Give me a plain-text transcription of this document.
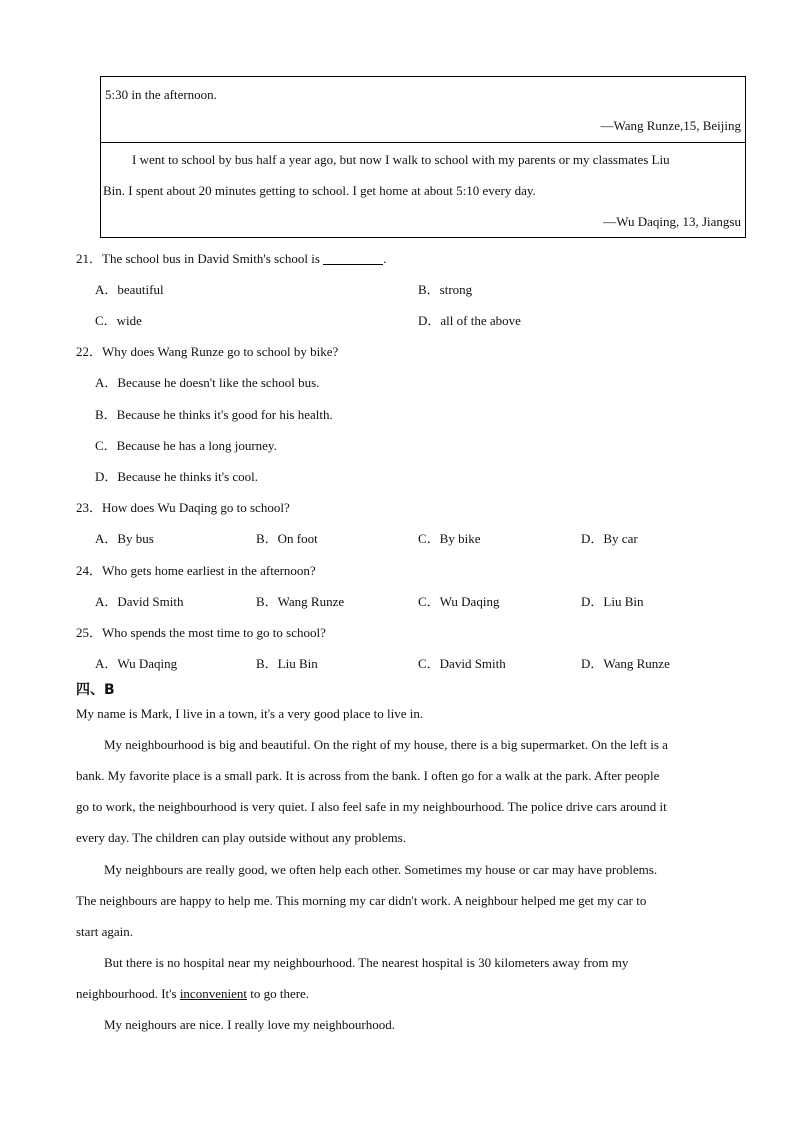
5:30 in the afternoon.
—Wang Runze,15, Beijing
I went to school by bus half a year ago, but now I walk to school with my parents or my classmates Liu
Bin. I spent about 20 minutes getting to school. I get home at about 5:10 every day.
—Wu Daqing, 13, Jiangsu
21．The school bus in David Smith's school is	.
A．beautiful	B．strong
C．wide	D．all of the above
22．Why does Wang Runze go to school by bike?
A．Because he doesn't like the school bus.
B．Because he thinks it's good for his health.
C．Because he has a long journey.
D．Because he thinks it's cool.
23．How does Wu Daqing go to school?
A．By bus	B．On foot	C．By bike	D．By car
24．Who gets home earliest in the afternoon?
A．David Smith	B．Wang Runze	C．Wu Daqing	D．Liu Bin
25．Who spends the most time to go to school?
A．Wu Daqing	B．Liu Bin	C．David Smith	D．Wang Runze
四、B
My name is Mark, I live in a town, it's a very good place to live in.
My neighbourhood is big and beautiful. On the right of my house, there is a big supermarket. On the left is a
bank. My favorite place is a small park. It is across from the bank. I often go for a walk at the park. After people
go to work, the neighbourhood is very quiet. I also feel safe in my neighbourhood. The police drive cars around it
every day. The children can play outside without any problems.
My neighbours are really good, we often help each other. Sometimes my house or car may have problems.
The neighbours are happy to help me. This morning my car didn't work. A neighbour helped me get my car to
start again.
But there is no hospital near my neighbourhood. The nearest hospital is 30 kilometers away from my
neighbourhood. It's inconvenient to go there.
My neighours are nice. I really love my neighbourhood.
